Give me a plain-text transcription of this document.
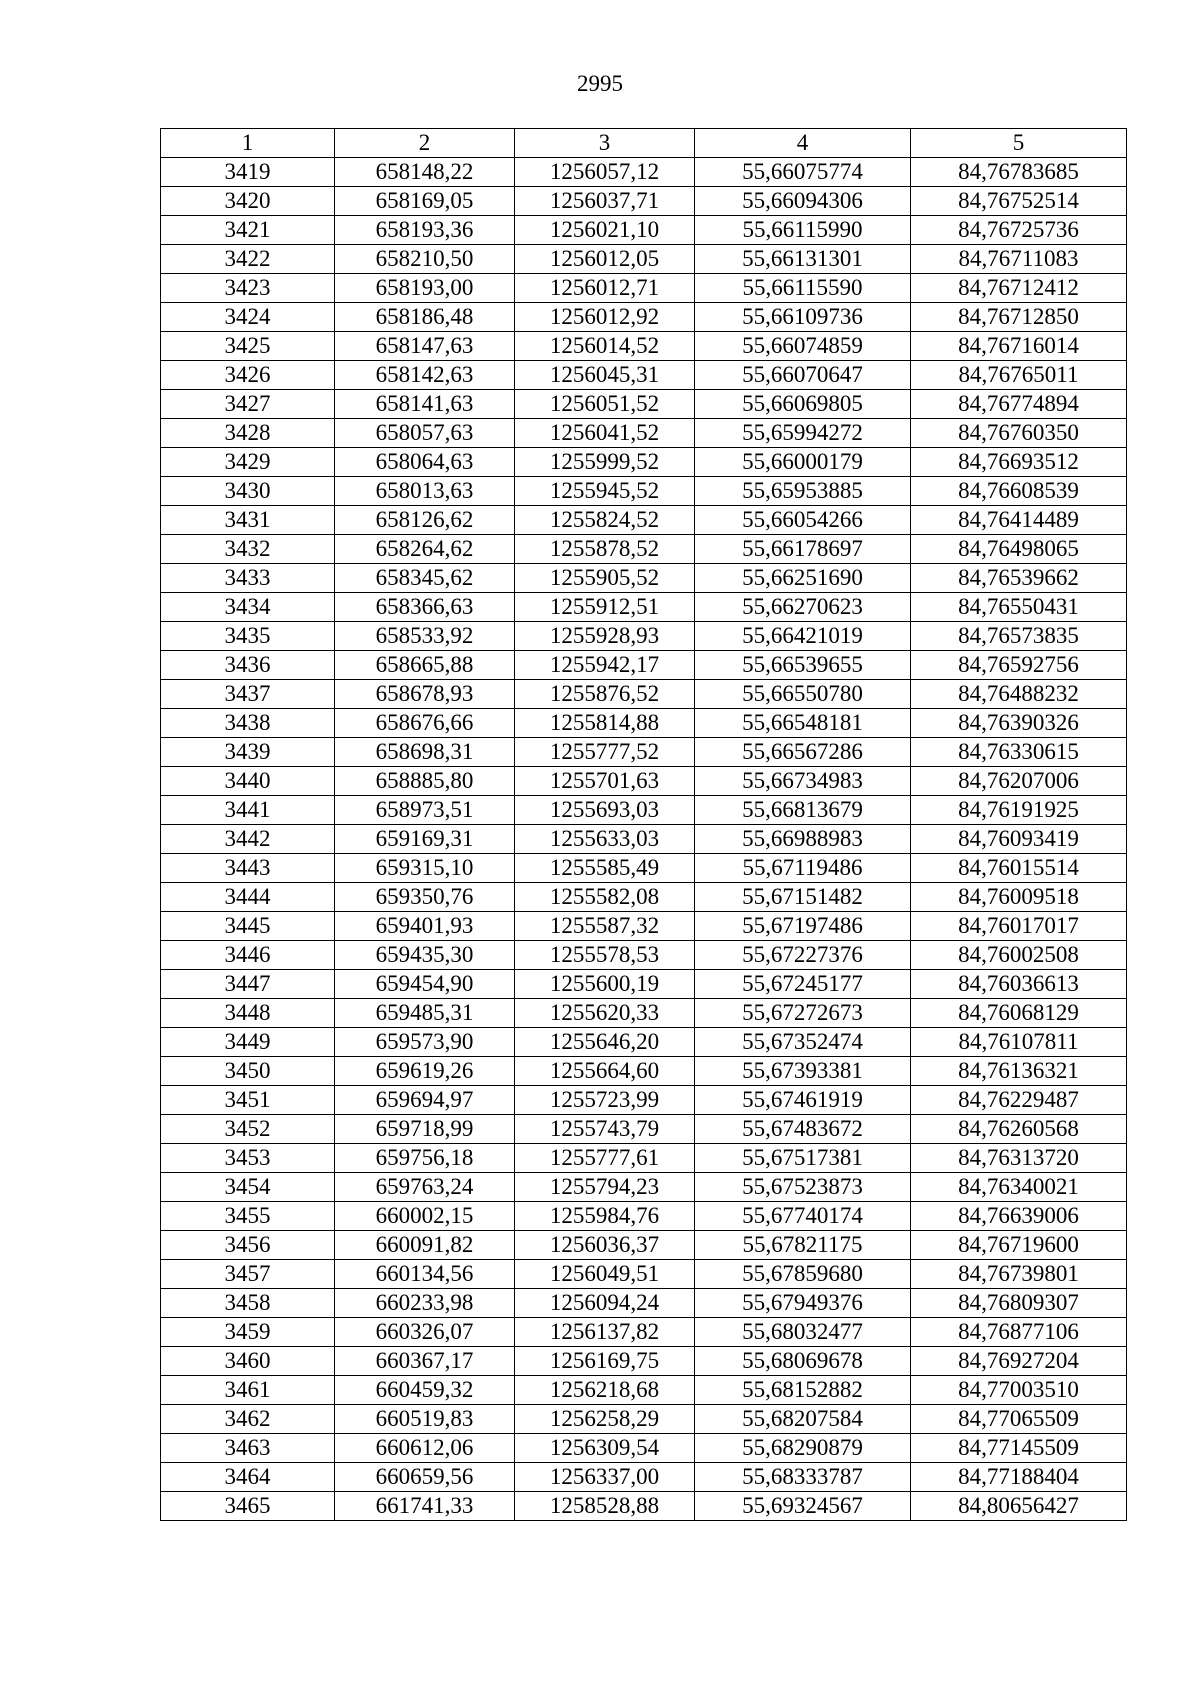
2995
1	2	3	4	5
3419	658148,22	1256057,12	55,66075774	84,76783685
3420	658169,05	1256037,71	55,66094306	84,76752514
3421	658193,36	1256021,10	55,66115990	84,76725736
3422	658210,50	1256012,05	55,66131301	84,76711083
3423	658193,00	1256012,71	55,66115590	84,76712412
3424	658186,48	1256012,92	55,66109736	84,76712850
3425	658147,63	1256014,52	55,66074859	84,76716014
3426	658142,63	1256045,31	55,66070647	84,76765011
3427	658141,63	1256051,52	55,66069805	84,76774894
3428	658057,63	1256041,52	55,65994272	84,76760350
3429	658064,63	1255999,52	55,66000179	84,76693512
3430	658013,63	1255945,52	55,65953885	84,76608539
3431	658126,62	1255824,52	55,66054266	84,76414489
3432	658264,62	1255878,52	55,66178697	84,76498065
3433	658345,62	1255905,52	55,66251690	84,76539662
3434	658366,63	1255912,51	55,66270623	84,76550431
3435	658533,92	1255928,93	55,66421019	84,76573835
3436	658665,88	1255942,17	55,66539655	84,76592756
3437	658678,93	1255876,52	55,66550780	84,76488232
3438	658676,66	1255814,88	55,66548181	84,76390326
3439	658698,31	1255777,52	55,66567286	84,76330615
3440	658885,80	1255701,63	55,66734983	84,76207006
3441	658973,51	1255693,03	55,66813679	84,76191925
3442	659169,31	1255633,03	55,66988983	84,76093419
3443	659315,10	1255585,49	55,67119486	84,76015514
3444	659350,76	1255582,08	55,67151482	84,76009518
3445	659401,93	1255587,32	55,67197486	84,76017017
3446	659435,30	1255578,53	55,67227376	84,76002508
3447	659454,90	1255600,19	55,67245177	84,76036613
3448	659485,31	1255620,33	55,67272673	84,76068129
3449	659573,90	1255646,20	55,67352474	84,76107811
3450	659619,26	1255664,60	55,67393381	84,76136321
3451	659694,97	1255723,99	55,67461919	84,76229487
3452	659718,99	1255743,79	55,67483672	84,76260568
3453	659756,18	1255777,61	55,67517381	84,76313720
3454	659763,24	1255794,23	55,67523873	84,76340021
3455	660002,15	1255984,76	55,67740174	84,76639006
3456	660091,82	1256036,37	55,67821175	84,76719600
3457	660134,56	1256049,51	55,67859680	84,76739801
3458	660233,98	1256094,24	55,67949376	84,76809307
3459	660326,07	1256137,82	55,68032477	84,76877106
3460	660367,17	1256169,75	55,68069678	84,76927204
3461	660459,32	1256218,68	55,68152882	84,77003510
3462	660519,83	1256258,29	55,68207584	84,77065509
3463	660612,06	1256309,54	55,68290879	84,77145509
3464	660659,56	1256337,00	55,68333787	84,77188404
3465	661741,33	1258528,88	55,69324567	84,80656427
